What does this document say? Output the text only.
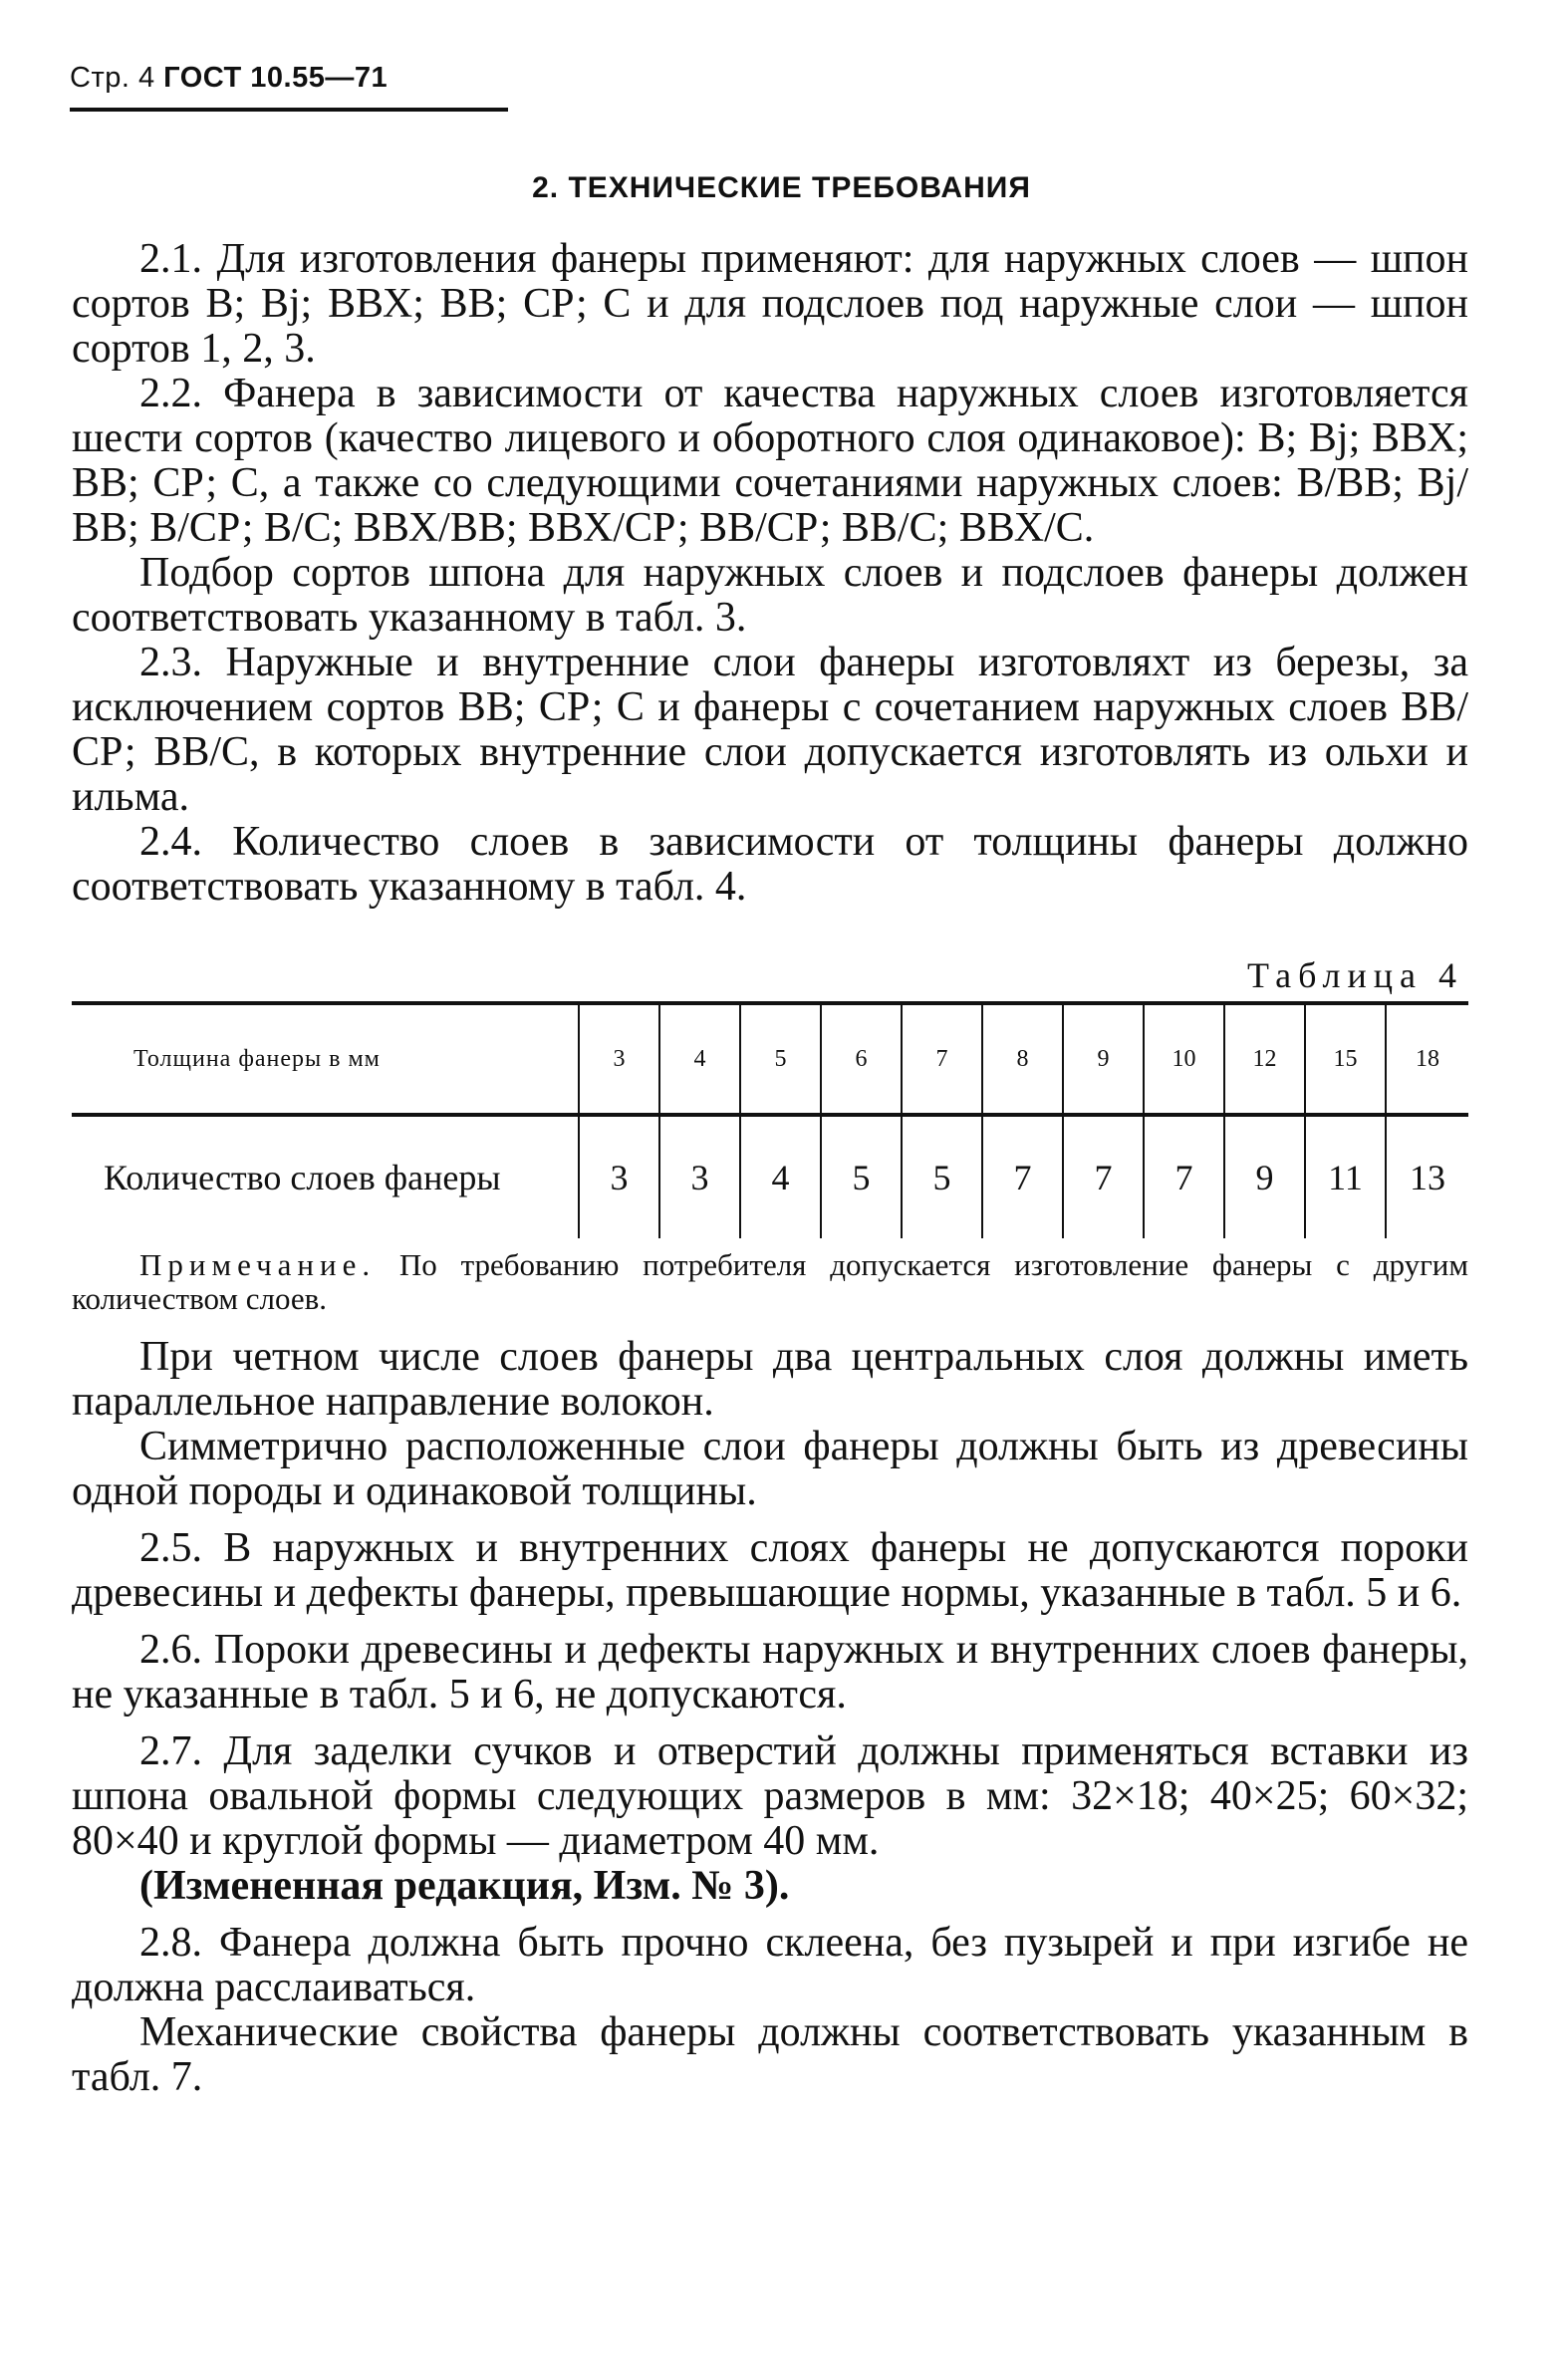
Стр. 4 ГОСТ 10.55—71
2. ТЕХНИЧЕСКИЕ ТРЕБОВАНИЯ

2.1. Для изготовления фанеры применяют: для наружных слоев — шпон сортов В; Вj; ВВХ; ВВ; СР; С и для подслоев под наружные слои — шпон сортов 1, 2, 3.

2.2. Фанера в зависимости от качества наружных слоев изготовляется шести сортов (качество лицевого и оборотного слоя одинаковое): В; Вj; ВВХ; ВВ; СР; С, а также со следующими сочетаниями наружных слоев: В/ВВ; Вj/ВВ; В/СР; В/С; ВВХ/ВВ; ВВХ/СР; ВВ/СР; ВВ/С; ВВХ/С.

Подбор сортов шпона для наружных слоев и подслоев фанеры должен соответствовать указанному в табл. 3.

2.3. Наружные и внутренние слои фанеры изготовляхт из березы, за исключением сортов ВВ; СР; С и фанеры с сочетанием наружных слоев ВВ/СР; ВВ/С, в которых внутренние слои допускается изготовлять из ольхи и ильма.

2.4. Количество слоев в зависимости от толщины фанеры должно соответствовать указанному в табл. 4.

Таблица 4
Толщина фанеры в мм	3	4	5	6	7	8	9	10	12	15	18
Количество слоев фанеры	3	3	4	5	5	7	7	7	9	11	13

Примечание. По требованию потребителя допускается изготовление фанеры с другим количеством слоев.

При четном числе слоев фанеры два центральных слоя должны иметь параллельное направление волокон.

Симметрично расположенные слои фанеры должны быть из древесины одной породы и одинаковой толщины.

2.5. В наружных и внутренних слоях фанеры не допускаются пороки древесины и дефекты фанеры, превышающие нормы, указанные в табл. 5 и 6.

2.6. Пороки древесины и дефекты наружных и внутренних слоев фанеры, не указанные в табл. 5 и 6, не допускаются.

2.7. Для заделки сучков и отверстий должны применяться вставки из шпона овальной формы следующих размеров в мм: 32×18; 40×25; 60×32; 80×40 и круглой формы — диаметром 40 мм.

(Измененная редакция, Изм. № 3).

2.8. Фанера должна быть прочно склеена, без пузырей и при изгибе не должна расслаиваться.

Механические свойства фанеры должны соответствовать указанным в табл. 7.
